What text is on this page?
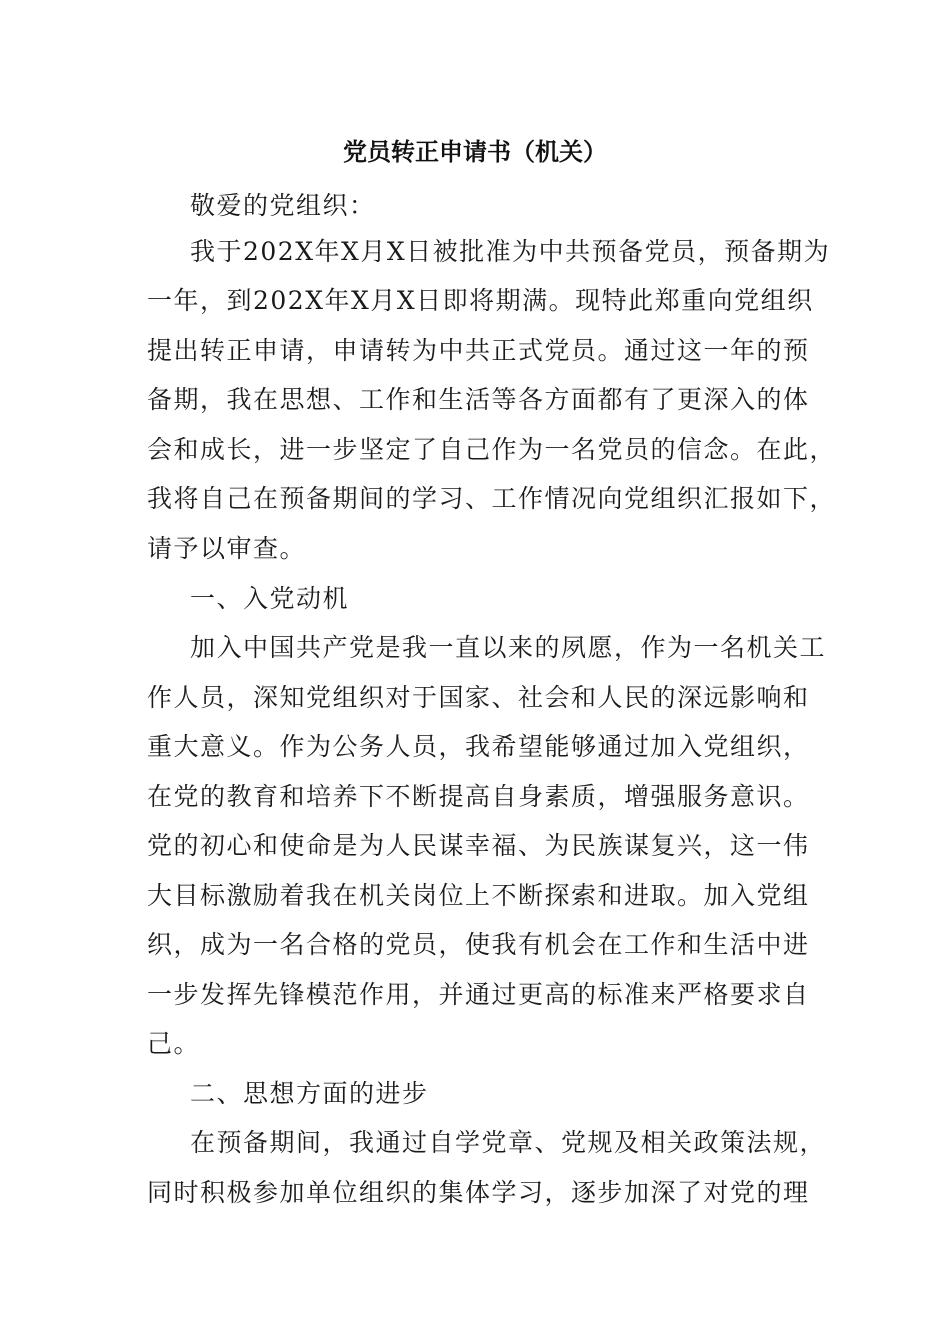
党员转正申请书（机关）
敬爱的党组织：
我于202X年X月X日被批准为中共预备党员，预备期为
一年，到202X年X月X日即将期满。现特此郑重向党组织
提出转正申请，申请转为中共正式党员。通过这一年的预
备期，我在思想、工作和生活等各方面都有了更深入的体
会和成长，进一步坚定了自己作为一名党员的信念。在此，
我将自己在预备期间的学习、工作情况向党组织汇报如下，
请予以审查。
一、入党动机
加入中国共产党是我一直以来的夙愿，作为一名机关工
作人员，深知党组织对于国家、社会和人民的深远影响和
重大意义。作为公务人员，我希望能够通过加入党组织，
在党的教育和培养下不断提高自身素质，增强服务意识。
党的初心和使命是为人民谋幸福、为民族谋复兴，这一伟
大目标激励着我在机关岗位上不断探索和进取。加入党组
织，成为一名合格的党员，使我有机会在工作和生活中进
一步发挥先锋模范作用，并通过更高的标准来严格要求自
己。
二、思想方面的进步
在预备期间，我通过自学党章、党规及相关政策法规，
同时积极参加单位组织的集体学习，逐步加深了对党的理
